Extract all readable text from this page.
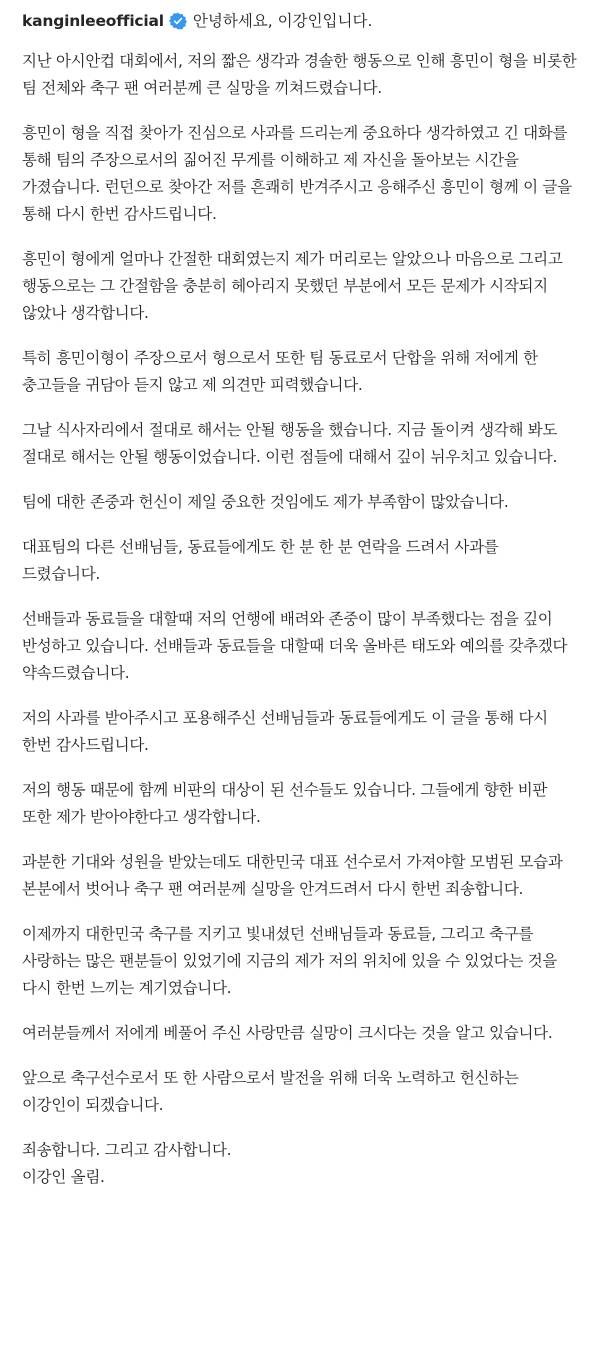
kanginleeofficial 안녕하세요, 이강인입니다.

지난 아시안컵 대회에서, 저의 짧은 생각과 경솔한 행동으로 인해 흥민이 형을 비롯한 팀 전체와 축구 팬 여러분께 큰 실망을 끼쳐드렸습니다.

흥민이 형을 직접 찾아가 진심으로 사과를 드리는게 중요하다 생각하였고 긴 대화를 통해 팀의 주장으로서의 짊어진 무게를 이해하고 제 자신을 돌아보는 시간을 가졌습니다. 런던으로 찾아간 저를 흔쾌히 반겨주시고 응해주신 흥민이 형께 이 글을 통해 다시 한번 감사드립니다.

흥민이 형에게 얼마나 간절한 대회였는지 제가 머리로는 알았으나 마음으로 그리고 행동으로는 그 간절함을 충분히 헤아리지 못했던 부분에서 모든 문제가 시작되지 않았나 생각합니다.

특히 흥민이형이 주장으로서 형으로서 또한 팀 동료로서 단합을 위해 저에게 한 충고들을 귀담아 듣지 않고 제 의견만 피력했습니다.

그날 식사자리에서 절대로 해서는 안될 행동을 했습니다. 지금 돌이켜 생각해 봐도 절대로 해서는 안될 행동이었습니다. 이런 점들에 대해서 깊이 뉘우치고 있습니다.

팀에 대한 존중과 헌신이 제일 중요한 것임에도 제가 부족함이 많았습니다.

대표팀의 다른 선배님들, 동료들에게도 한 분 한 분 연락을 드려서 사과를 드렸습니다.

선배들과 동료들을 대할때 저의 언행에 배려와 존중이 많이 부족했다는 점을 깊이 반성하고 있습니다. 선배들과 동료들을 대할때 더욱 올바른 태도와 예의를 갖추겠다 약속드렸습니다.

저의 사과를 받아주시고 포용해주신 선배님들과 동료들에게도 이 글을 통해 다시 한번 감사드립니다.

저의 행동 때문에 함께 비판의 대상이 된 선수들도 있습니다. 그들에게 향한 비판 또한 제가 받아야한다고 생각합니다.

과분한 기대와 성원을 받았는데도 대한민국 대표 선수로서 가져야할 모범된 모습과 본분에서 벗어나 축구 팬 여러분께 실망을 안겨드려서 다시 한번 죄송합니다.

이제까지 대한민국 축구를 지키고 빛내셨던 선배님들과 동료들, 그리고 축구를 사랑하는 많은 팬분들이 있었기에 지금의 제가 저의 위치에 있을 수 있었다는 것을 다시 한번 느끼는 계기였습니다.

여러분들께서 저에게 베풀어 주신 사랑만큼 실망이 크시다는 것을 알고 있습니다.

앞으로 축구선수로서 또 한 사람으로서 발전을 위해 더욱 노력하고 헌신하는 이강인이 되겠습니다.

죄송합니다. 그리고 감사합니다.
이강인 올림.
